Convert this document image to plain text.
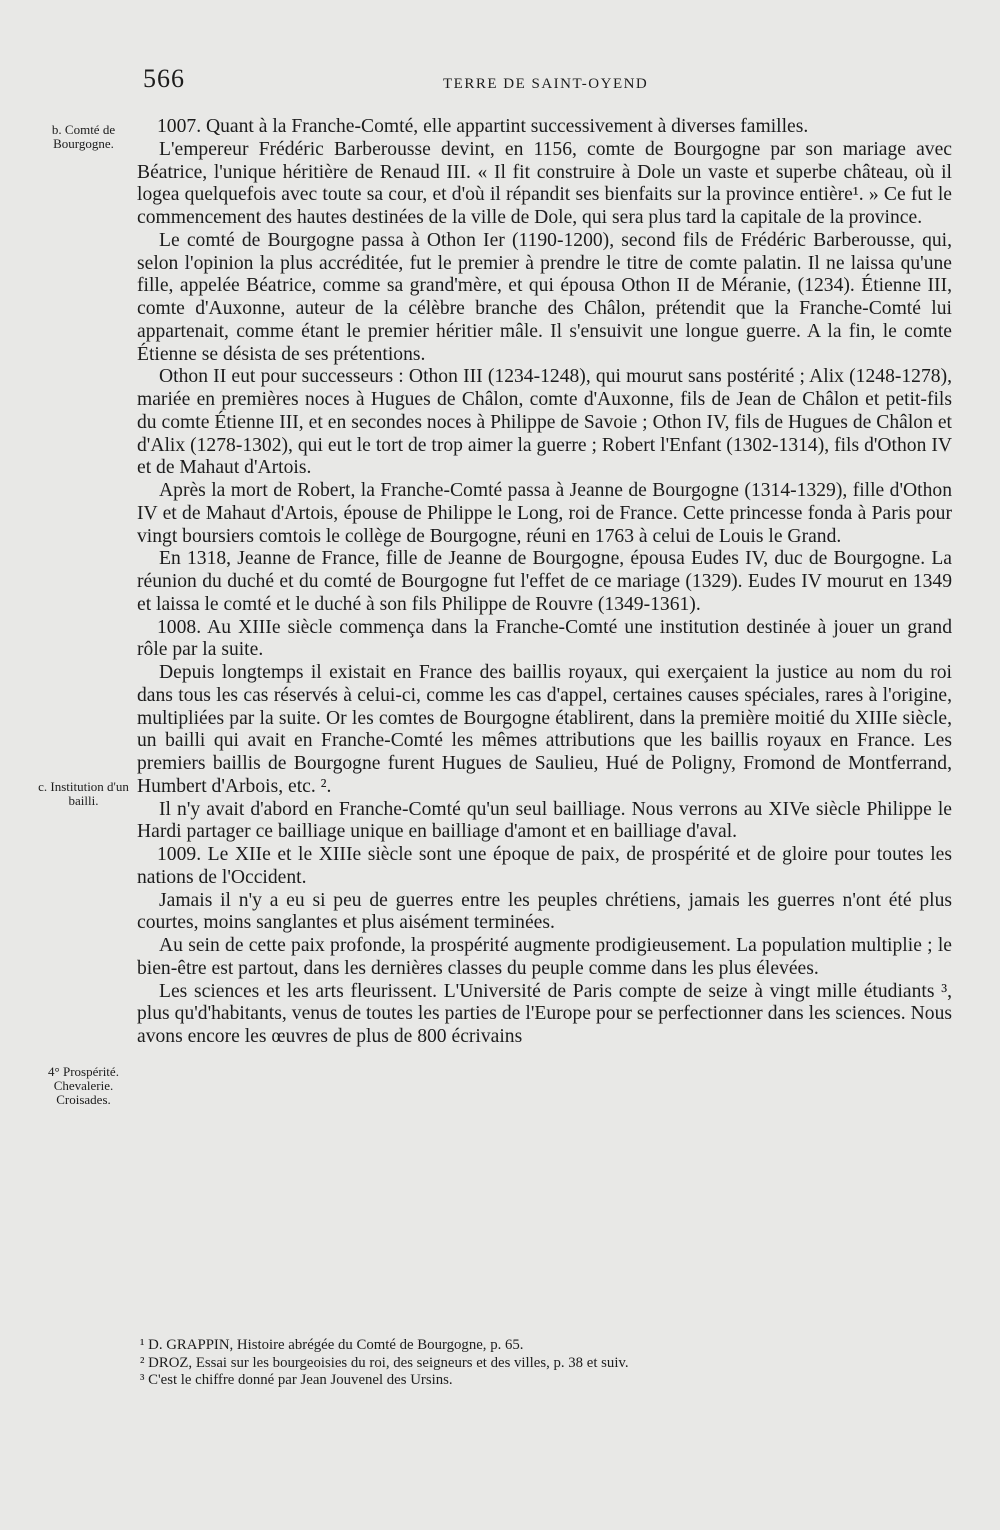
566	TERRE DE SAINT-OYEND
b. Comté de Bourgogne.
c. Institution d'un bailli.
4° Prospérité. Chevalerie. Croisades.

1007. Quant à la Franche-Comté, elle appartint successivement à diverses familles.

L'empereur Frédéric Barberousse devint, en 1156, comte de Bourgogne par son mariage avec Béatrice, l'unique héritière de Renaud III. « Il fit construire à Dole un vaste et superbe château, où il logea quelquefois avec toute sa cour, et d'où il répandit ses bienfaits sur la province entière¹. » Ce fut le commencement des hautes destinées de la ville de Dole, qui sera plus tard la capitale de la province.

Le comté de Bourgogne passa à Othon Ier (1190-1200), second fils de Frédéric Barberousse, qui, selon l'opinion la plus accréditée, fut le premier à prendre le titre de comte palatin. Il ne laissa qu'une fille, appelée Béatrice, comme sa grand'mère, et qui épousa Othon II de Méranie, (1234). Étienne III, comte d'Auxonne, auteur de la célèbre branche des Châlon, prétendit que la Franche-Comté lui appartenait, comme étant le premier héritier mâle. Il s'ensuivit une longue guerre. A la fin, le comte Étienne se désista de ses prétentions.

Othon II eut pour successeurs : Othon III (1234-1248), qui mourut sans postérité ; Alix (1248-1278), mariée en premières noces à Hugues de Châlon, comte d'Auxonne, fils de Jean de Châlon et petit-fils du comte Étienne III, et en secondes noces à Philippe de Savoie ; Othon IV, fils de Hugues de Châlon et d'Alix (1278-1302), qui eut le tort de trop aimer la guerre ; Robert l'Enfant (1302-1314), fils d'Othon IV et de Mahaut d'Artois.

Après la mort de Robert, la Franche-Comté passa à Jeanne de Bourgogne (1314-1329), fille d'Othon IV et de Mahaut d'Artois, épouse de Philippe le Long, roi de France. Cette princesse fonda à Paris pour vingt boursiers comtois le collège de Bourgogne, réuni en 1763 à celui de Louis le Grand.

En 1318, Jeanne de France, fille de Jeanne de Bourgogne, épousa Eudes IV, duc de Bourgogne. La réunion du duché et du comté de Bourgogne fut l'effet de ce mariage (1329). Eudes IV mourut en 1349 et laissa le comté et le duché à son fils Philippe de Rouvre (1349-1361).

1008. Au XIIIe siècle commença dans la Franche-Comté une institution destinée à jouer un grand rôle par la suite.

Depuis longtemps il existait en France des baillis royaux, qui exerçaient la justice au nom du roi dans tous les cas réservés à celui-ci, comme les cas d'appel, certaines causes spéciales, rares à l'origine, multipliées par la suite. Or les comtes de Bourgogne établirent, dans la première moitié du XIIIe siècle, un bailli qui avait en Franche-Comté les mêmes attributions que les baillis royaux en France. Les premiers baillis de Bourgogne furent Hugues de Saulieu, Hué de Poligny, Fromond de Montferrand, Humbert d'Arbois, etc. ².

Il n'y avait d'abord en Franche-Comté qu'un seul bailliage. Nous verrons au XIVe siècle Philippe le Hardi partager ce bailliage unique en bailliage d'amont et en bailliage d'aval.

1009. Le XIIe et le XIIIe siècle sont une époque de paix, de prospérité et de gloire pour toutes les nations de l'Occident.

Jamais il n'y a eu si peu de guerres entre les peuples chrétiens, jamais les guerres n'ont été plus courtes, moins sanglantes et plus aisément terminées.

Au sein de cette paix profonde, la prospérité augmente prodigieusement. La population multiplie ; le bien-être est partout, dans les dernières classes du peuple comme dans les plus élevées.

Les sciences et les arts fleurissent. L'Université de Paris compte de seize à vingt mille étudiants ³, plus qu'd'habitants, venus de toutes les parties de l'Europe pour se perfectionner dans les sciences. Nous avons encore les œuvres de plus de 800 écrivains

¹ D. GRAPPIN, Histoire abrégée du Comté de Bourgogne, p. 65.
² DROZ, Essai sur les bourgeoisies du roi, des seigneurs et des villes, p. 38 et suiv.
³ C'est le chiffre donné par Jean Jouvenel des Ursins.
